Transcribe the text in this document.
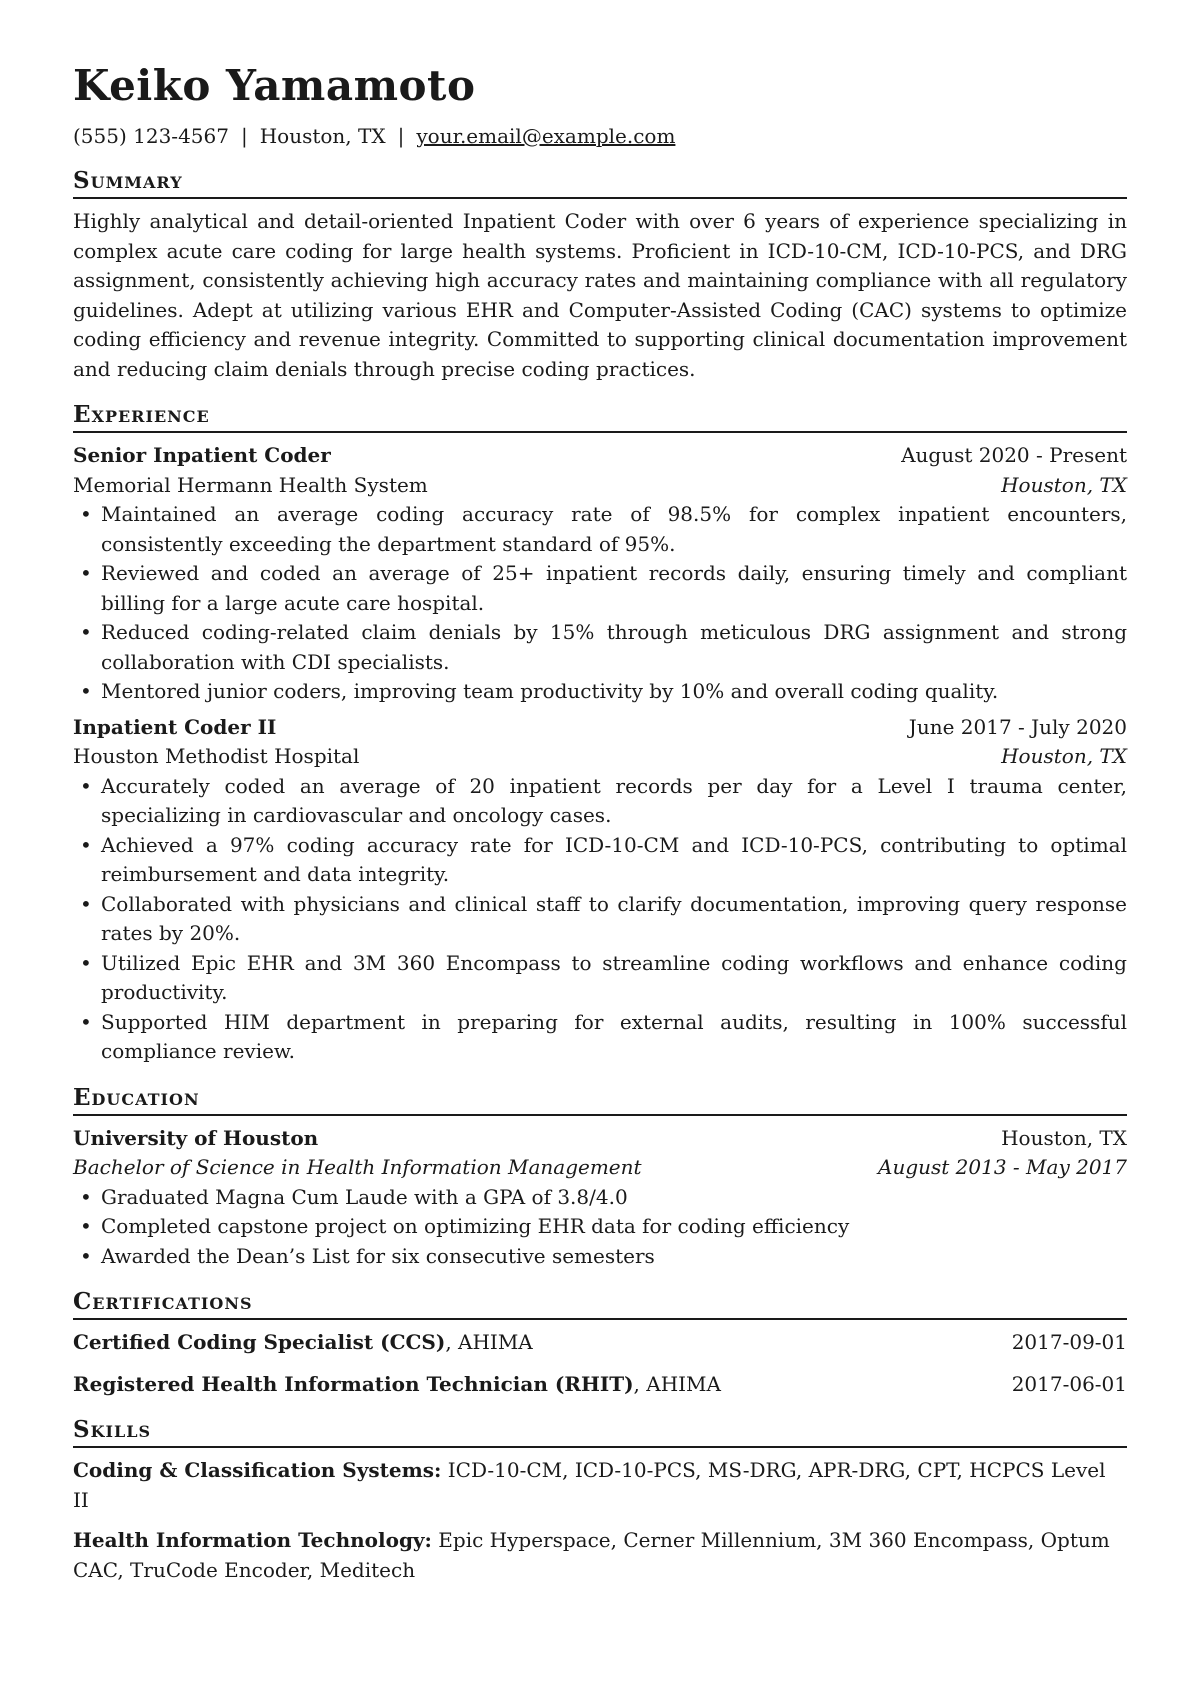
Keiko Yamamoto
(555) 123-4567 | Houston, TX | your.email@example.com
Summary

Highly analytical and detail-oriented Inpatient Coder with over 6 years of experience specializing in complex acute care coding for large health systems. Proficient in ICD-10-CM, ICD-10-PCS, and DRG assignment, consistently achieving high accuracy rates and maintaining compliance with all regulatory guidelines. Adept at utilizing various EHR and Computer-Assisted Coding (CAC) systems to optimize coding efficiency and revenue integrity. Committed to supporting clinical documentation improvement and reducing claim denials through precise coding practices.

Experience
Senior Inpatient Coder	August 2020 - Present
Memorial Hermann Health System	Houston, TX
• Maintained an average coding accuracy rate of 98.5% for complex inpatient encounters, consistently exceeding the department standard of 95%.
• Reviewed and coded an average of 25+ inpatient records daily, ensuring timely and compliant billing for a large acute care hospital.
• Reduced coding-related claim denials by 15% through meticulous DRG assignment and strong collaboration with CDI specialists.
• Mentored junior coders, improving team productivity by 10% and overall coding quality.
Inpatient Coder II	June 2017 - July 2020
Houston Methodist Hospital	Houston, TX
• Accurately coded an average of 20 inpatient records per day for a Level I trauma center, specializing in cardiovascular and oncology cases.
• Achieved a 97% coding accuracy rate for ICD-10-CM and ICD-10-PCS, contributing to optimal reimbursement and data integrity.
• Collaborated with physicians and clinical staff to clarify documentation, improving query response rates by 20%.
• Utilized Epic EHR and 3M 360 Encompass to streamline coding workflows and enhance coding productivity.
• Supported HIM department in preparing for external audits, resulting in 100% successful compliance review.
Education
University of Houston	Houston, TX
Bachelor of Science in Health Information Management	August 2013 - May 2017
• Graduated Magna Cum Laude with a GPA of 3.8/4.0
• Completed capstone project on optimizing EHR data for coding efficiency
• Awarded the Dean’s List for six consecutive semesters
Certifications
Certified Coding Specialist (CCS), AHIMA	2017-09-01
Registered Health Information Technician (RHIT), AHIMA	2017-06-01
Skills
Coding & Classification Systems: ICD-10-CM, ICD-10-PCS, MS-DRG, APR-DRG, CPT, HCPCS Level II
Health Information Technology: Epic Hyperspace, Cerner Millennium, 3M 360 Encompass, Optum CAC, TruCode Encoder, Meditech
